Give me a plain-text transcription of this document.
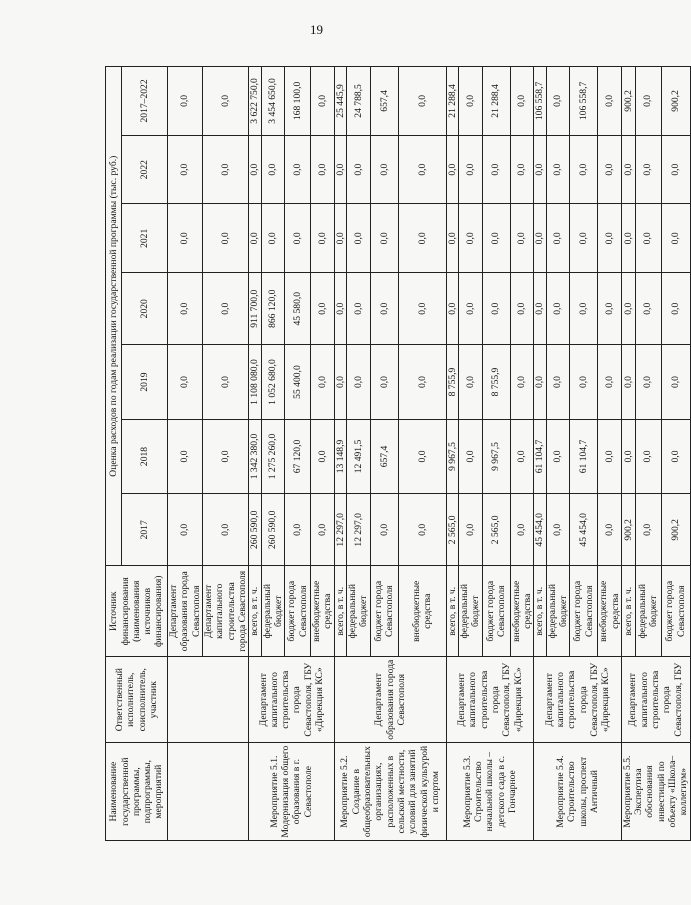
19
Наименование государственной программы, подпрограммы, мероприятий	Ответственный исполнитель, соисполнитель, участник	Источник финансирования (наименования источников финансирования)	Оценка расходов по годам реализации государственной программы (тыс. руб.)						
			2017	2018	2019	2020	2021	2022	2017–2022
		Департамент образования города Севастополя	0,0	0,0	0,0	0,0	0,0	0,0	0,0
		Департамент капитального строительства города Севастополя	0,0	0,0	0,0	0,0	0,0	0,0	0,0
Мероприятие 5.1. Модернизация общего образования в г. Севастополе	Департамент капитального строительства города Севастополя, ГБУ «Дирекция КС»	всего, в т. ч.	260 590,0	1 342 380,0	1 108 080,0	911 700,0	0,0	0,0	3 622 750,0
		федеральный бюджет	260 590,0	1 275 260,0	1 052 680,0	866 120,0	0,0	0,0	3 454 650,0
		бюджет города Севастополя	0,0	67 120,0	55 400,0	45 580,0	0,0	0,0	168 100,0
		внебюджетные средства	0,0	0,0	0,0	0,0	0,0	0,0	0,0
Мероприятие 5.2. Создание в общеобразовательных организациях, расположенных в сельской местности, условий для занятий физической культурой и спортом	Департамент образования города Севастополя	всего, в т. ч.	12 297,0	13 148,9	0,0	0,0	0,0	0,0	25 445,9
		федеральный бюджет	12 297,0	12 491,5	0,0	0,0	0,0	0,0	24 788,5
		бюджет города Севастополя	0,0	657,4	0,0	0,0	0,0	0,0	657,4
		внебюджетные средства	0,0	0,0	0,0	0,0	0,0	0,0	0,0
Мероприятие 5.3. Строительство начальной школы – детского сада в с. Гончарное	Департамент капитального строительства города Севастополя, ГБУ «Дирекция КС»	всего, в т. ч.	2 565,0	9 967,5	8 755,9	0,0	0,0	0,0	21 288,4
		федеральный бюджет	0,0	0,0	0,0	0,0	0,0	0,0	0,0
		бюджет города Севастополя	2 565,0	9 967,5	8 755,9	0,0	0,0	0,0	21 288,4
		внебюджетные средства	0,0	0,0	0,0	0,0	0,0	0,0	0,0
Мероприятие 5.4. Строительство школы, проспект Античный	Департамент капитального строительства города Севастополя, ГБУ «Дирекция КС»	всего, в т. ч.	45 454,0	61 104,7	0,0	0,0	0,0	0,0	106 558,7
		федеральный бюджет	0,0	0,0	0,0	0,0	0,0	0,0	0,0
		бюджет города Севастополя	45 454,0	61 104,7	0,0	0,0	0,0	0,0	106 558,7
		внебюджетные средства	0,0	0,0	0,0	0,0	0,0	0,0	0,0
Мероприятие 5.5. Экспертиза обоснования инвестиций по объекту «Школа–коллегиум»	Департамент капитального строительства города Севастополя, ГБУ	всего, в т. ч.	900,2	0,0	0,0	0,0	0,0	0,0	900,2
		федеральный бюджет	0,0	0,0	0,0	0,0	0,0	0,0	0,0
		бюджет города Севастополя	900,2	0,0	0,0	0,0	0,0	0,0	900,2
